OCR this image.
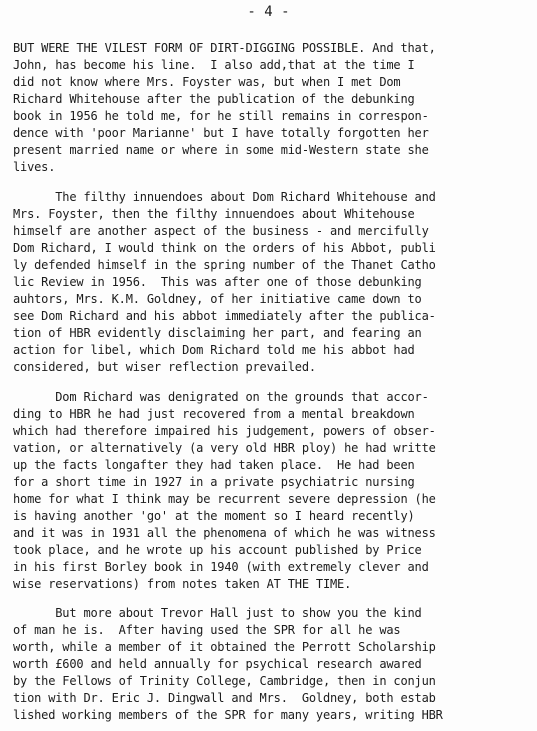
- 4 -
BUT WERE THE VILEST FORM OF DIRT-DIGGING POSSIBLE. And that,
John, has become his line.  I also add,that at the time I
did not know where Mrs. Foyster was, but when I met Dom
Richard Whitehouse after the publication of the debunking
book in 1956 he told me, for he still remains in correspon-
dence with 'poor Marianne' but I have totally forgotten her
present married name or where in some mid-Western state she
lives.
The filthy innuendoes about Dom Richard Whitehouse and
Mrs. Foyster, then the filthy innuendoes about Whitehouse
himself are another aspect of the business - and mercifully
Dom Richard, I would think on the orders of his Abbot, publi
ly defended himself in the spring number of the Thanet Catho
lic Review in 1956.  This was after one of those debunking
auhtors, Mrs. K.M. Goldney, of her initiative came down to
see Dom Richard and his abbot immediately after the publica-
tion of HBR evidently disclaiming her part, and fearing an
action for libel, which Dom Richard told me his abbot had
considered, but wiser reflection prevailed.
Dom Richard was denigrated on the grounds that accor-
ding to HBR he had just recovered from a mental breakdown
which had therefore impaired his judgement, powers of obser-
vation, or alternatively (a very old HBR ploy) he had writte
up the facts longafter they had taken place.  He had been
for a short time in 1927 in a private psychiatric nursing
home for what I think may be recurrent severe depression (he
is having another 'go' at the moment so I heard recently)
and it was in 1931 all the phenomena of which he was witness
took place, and he wrote up his account published by Price
in his first Borley book in 1940 (with extremely clever and
wise reservations) from notes taken AT THE TIME.
But more about Trevor Hall just to show you the kind
of man he is.  After having used the SPR for all he was
worth, while a member of it obtained the Perrott Scholarship
worth £600 and held annually for psychical research awared
by the Fellows of Trinity College, Cambridge, then in conjun
tion with Dr. Eric J. Dingwall and Mrs.  Goldney, both estab
lished working members of the SPR for many years, writing HBR
